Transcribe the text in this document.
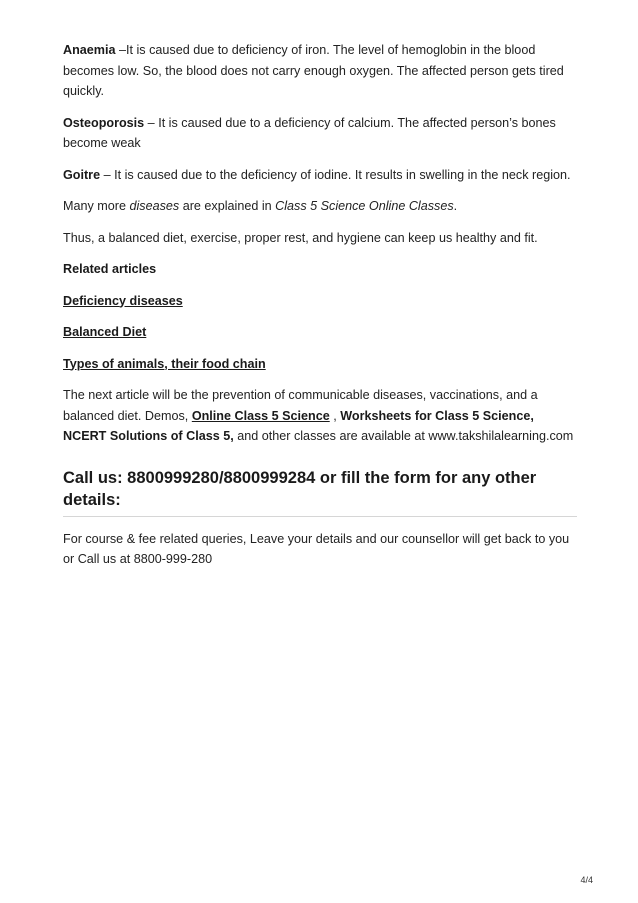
Anaemia –It is caused due to deficiency of iron. The level of hemoglobin in the blood becomes low. So, the blood does not carry enough oxygen. The affected person gets tired quickly.

Osteoporosis – It is caused due to a deficiency of calcium. The affected person’s bones become weak

Goitre – It is caused due to the deficiency of iodine. It results in swelling in the neck region.

Many more diseases are explained in Class 5 Science Online Classes.

Thus, a balanced diet, exercise, proper rest, and hygiene can keep us healthy and fit.

Related articles

Deficiency diseases

Balanced Diet

Types of animals, their food chain

The next article will be the prevention of communicable diseases, vaccinations, and a balanced diet. Demos, Online Class 5 Science , Worksheets for Class 5 Science, NCERT Solutions of Class 5, and other classes are available at www.takshilalearning.com

Call us: 8800999280/8800999284 or fill the form for any other details:

For course & fee related queries, Leave your details and our counsellor will get back to you or Call us at 8800-999-280

4/4
